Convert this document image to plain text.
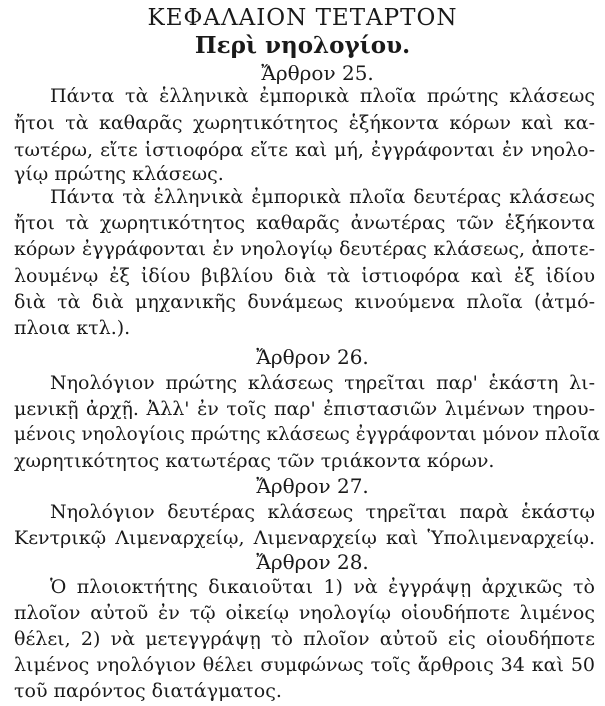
ΚΕΦΑΛΑΙΟΝ ΤΕΤΑΡΤΟΝ
Περὶ νηολογίου.
Ἄρθρον 25.
Πάντα τὰ ἑλληνικὰ ἐμπορικὰ πλοῖα πρώτης κλάσεως
ἤτοι τὰ καθαρᾶς χωρητικότητος ἑξήκοντα κόρων καὶ κα-
τωτέρω, εἴτε ἱστιοφόρα εἴτε καὶ μή, ἐγγράφονται ἐν νηολο-
γίῳ πρώτης κλάσεως.
Πάντα τὰ ἑλληνικὰ ἐμπορικὰ πλοῖα δευτέρας κλάσεως
ἤτοι τὰ χωρητικότητος καθαρᾶς ἀνωτέρας τῶν ἑξήκοντα
κόρων ἐγγράφονται ἐν νηολογίῳ δευτέρας κλάσεως, ἀποτε-
λουμένῳ ἐξ ἰδίου βιβλίου διὰ τὰ ἱστιοφόρα καὶ ἐξ ἰδίου
διὰ τὰ διὰ μηχανικῆς δυνάμεως κινούμενα πλοῖα (ἀτμό-
πλοια κτλ.).
Ἄρθρον 26.
Νηολόγιον πρώτης κλάσεως τηρεῖται παρ' ἑκάστη λι-
μενικῇ ἀρχῇ. Ἀλλ' ἐν τοῖς παρ' ἐπιστασιῶν λιμένων τηρου-
μένοις νηολογίοις πρώτης κλάσεως ἐγγράφονται μόνον πλοῖα
χωρητικότητος κατωτέρας τῶν τριάκοντα κόρων.
Ἄρθρον 27.
Νηολόγιον δευτέρας κλάσεως τηρεῖται παρὰ ἑκάστῳ
Κεντρικῷ Λιμεναρχείῳ, Λιμεναρχείῳ καὶ Ὑπολιμεναρχείῳ.
Ἄρθρον 28.
Ὁ πλοιοκτήτης δικαιοῦται 1) νὰ ἐγγράψῃ ἀρχικῶς τὸ
πλοῖον αὐτοῦ ἐν τῷ οἰκείῳ νηολογίῳ οἱουδήποτε λιμένος
θέλει, 2) νὰ μετεγγράψῃ τὸ πλοῖον αὐτοῦ εἰς οἱουδήποτε
λιμένος νηολόγιον θέλει συμφώνως τοῖς ἄρθροις 34 καὶ 50
τοῦ παρόντος διατάγματος.
